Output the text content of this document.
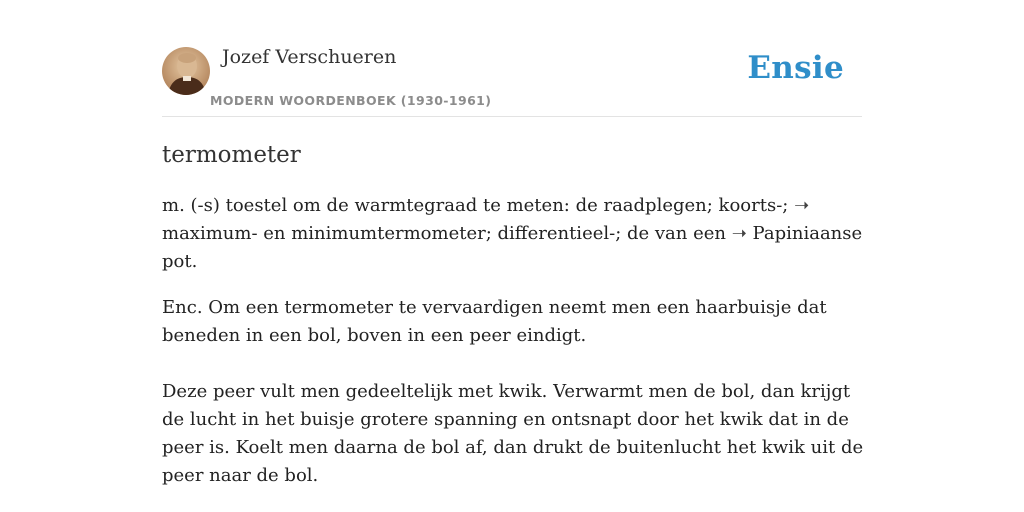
Jozef Verschueren
MODERN WOORDENBOEK (1930-1961)
Ensie
termometer

m. (-s) toestel om de warmtegraad te meten: de raadplegen; koorts-; ➝ maximum- en minimumtermometer; differentieel-; de van een ➝ Papiniaanse pot.

Enc. Om een termometer te vervaardigen neemt men een haarbuisje dat beneden in een bol, boven in een peer eindigt.

Deze peer vult men gedeeltelijk met kwik. Verwarmt men de bol, dan krijgt de lucht in het buisje grotere spanning en ontsnapt door het kwik dat in de peer is. Koelt men daarna de bol af, dan drukt de buitenlucht het kwik uit de peer naar de bol.
